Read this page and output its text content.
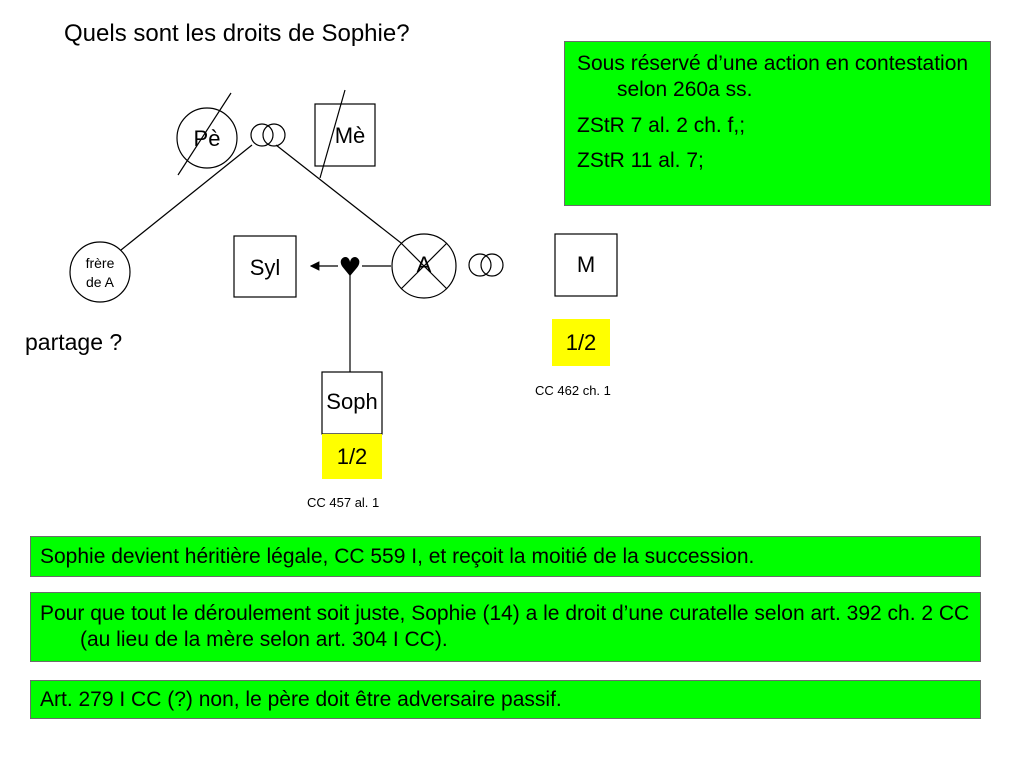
Quels sont les droits de Sophie?
Pè	Mè
frère
de A
Syl ♥	A	M
Soph
partage ?	1/2
CC 462 ch. 1
1/2
CC 457 al. 1

Sous réservé d’une action en contestation selon 260a ss.

ZStR 7 al. 2 ch. f,;

ZStR 11 al. 7;

Sophie devient héritière légale, CC 559 I, et reçoit la moitié de la succession.

Pour que tout le déroulement soit juste, Sophie (14) a le droit d’une curatelle selon art. 392 ch. 2 CC (au lieu de la mère selon art. 304 I CC).

Art. 279 I CC (?) non, le père doit être adversaire passif.
